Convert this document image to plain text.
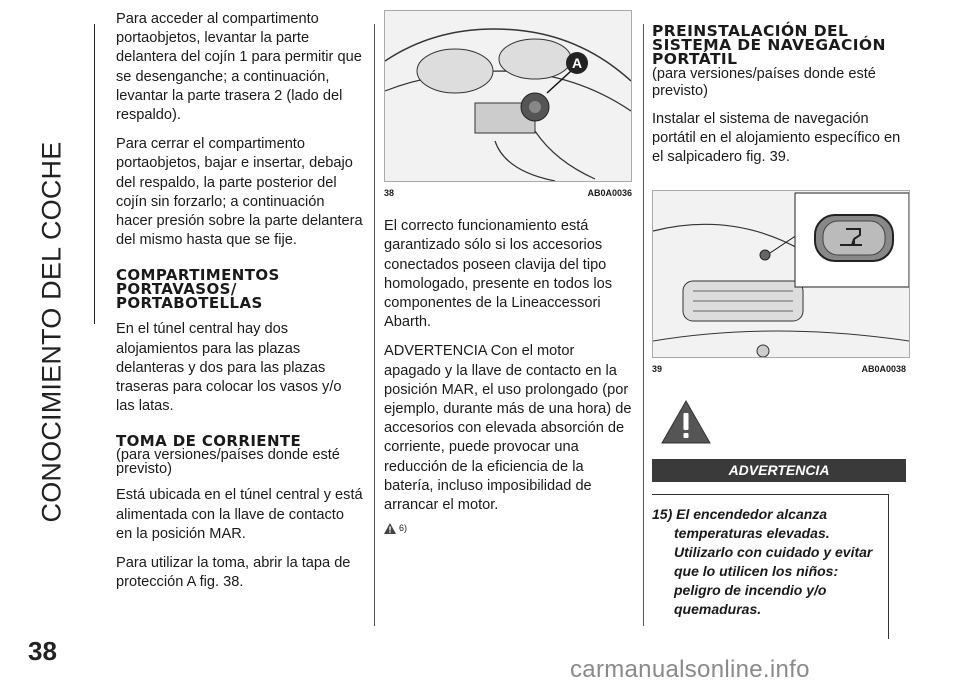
CONOCIMIENTO DEL COCHE
38

Para acceder al compartimento portaobjetos, levantar la parte delantera del cojín 1 para permitir que se desenganche; a continuación, levantar la parte trasera 2 (lado del respaldo).

Para cerrar el compartimento portaobjetos, bajar e insertar, debajo del respaldo, la parte posterior del cojín sin forzarlo; a continuación hacer presión sobre la parte delantera del mismo hasta que se fije.

COMPARTIMENTOS PORTAVASOS/ PORTABOTELLAS

En el túnel central hay dos alojamientos para las plazas delanteras y dos para las plazas traseras para colocar los vasos y/o las latas.

TOMA DE CORRIENTE

(para versiones/países donde esté previsto)

Está ubicada en el túnel central y está alimentada con la llave de contacto en la posición MAR.

Para utilizar la toma, abrir la tapa de protección A fig. 38.

A
38	AB0A0036

El correcto funcionamiento está garantizado sólo si los accesorios conectados poseen clavija del tipo homologado, presente en todos los componentes de la Lineaccessori Abarth.

ADVERTENCIA Con el motor apagado y la llave de contacto en la posición MAR, el uso prolongado (por ejemplo, durante más de una hora) de accesorios con elevada absorción de corriente, puede provocar una reducción de la eficiencia de la batería, incluso imposibilidad de arrancar el motor.

6)
PREINSTALACIÓN DEL SISTEMA DE NAVEGACIÓN PORTÁTIL

(para versiones/países donde esté previsto)

Instalar el sistema de navegación portátil en el alojamiento específico en el salpicadero fig. 39.

39	AB0A0038
ADVERTENCIA

15) El encendedor alcanza temperaturas elevadas. Utilizarlo con cuidado y evitar que lo utilicen los niños: peligro de incendio y/o quemaduras.

carmanualsonline.info
